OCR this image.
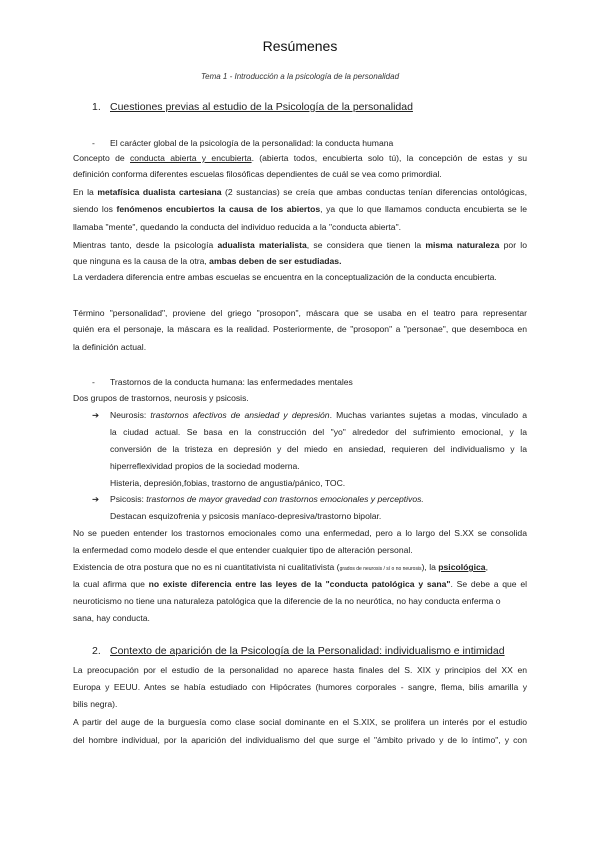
Resúmenes
Tema 1 - Introducción a la psicología de la personalidad
1. Cuestiones previas al estudio de la Psicología de la personalidad
- El carácter global de la psicología de la personalidad: la conducta humana
Concepto de conducta abierta y encubierta. (abierta todos, encubierta solo tú), la concepción de estas y su
definición conforma diferentes escuelas filosóficas dependientes de cuál se vea como primordial.
En la metafísica dualista cartesiana (2 sustancias) se creía que ambas conductas tenían diferencias ontológicas,
siendo los fenómenos encubiertos la causa de los abiertos, ya que lo que llamamos conducta encubierta se le
llamaba "mente", quedando la conducta del individuo reducida a la "conducta abierta".
Mientras tanto, desde la psicología adualista materialista, se considera que tienen la misma naturaleza por lo
que ninguna es la causa de la otra, ambas deben de ser estudiadas.
La verdadera diferencia entre ambas escuelas se encuentra en la conceptualización de la conducta encubierta.
Término "personalidad", proviene del griego "prosopon", máscara que se usaba en el teatro para representar
quién era el personaje, la máscara es la realidad. Posteriormente, de "prosopon" a "personae", que desemboca en
la definición actual.
- Trastornos de la conducta humana: las enfermedades mentales
Dos grupos de trastornos, neurosis y psicosis.
➔ Neurosis: trastornos afectivos de ansiedad y depresión. Muchas variantes sujetas a modas, vinculado a
la ciudad actual. Se basa en la construcción del "yo" alrededor del sufrimiento emocional, y la
conversión de la tristeza en depresión y del miedo en ansiedad, requieren del individualismo y la
hiperreflexividad propios de la sociedad moderna.
Histeria, depresión,fobias, trastorno de angustia/pánico, TOC.
➔ Psicosis: trastornos de mayor gravedad con trastornos emocionales y perceptivos.
Destacan esquizofrenia y psicosis maníaco-depresiva/trastorno bipolar.
No se pueden entender los trastornos emocionales como una enfermedad, pero a lo largo del S.XX se consolida
la enfermedad como modelo desde el que entender cualquier tipo de alteración personal.
Existencia de otra postura que no es ni cuantitativista ni cualitativista (grados de neurosis / sí o no neurosis), la psicológica,
la cual afirma que no existe diferencia entre las leyes de la "conducta patológica y sana". Se debe a que el
neuroticismo no tiene una naturaleza patológica que la diferencie de la no neurótica, no hay conducta enferma o
sana, hay conducta.
2. Contexto de aparición de la Psicología de la Personalidad: individualismo e intimidad
La preocupación por el estudio de la personalidad no aparece hasta finales del S. XIX y principios del XX en
Europa y EEUU. Antes se había estudiado con Hipócrates (humores corporales - sangre, flema, bilis amarilla y
bilis negra).
A partir del auge de la burguesía como clase social dominante en el S.XIX, se prolifera un interés por el estudio
del hombre individual, por la aparición del individualismo del que surge el "ámbito privado y de lo íntimo", y con
